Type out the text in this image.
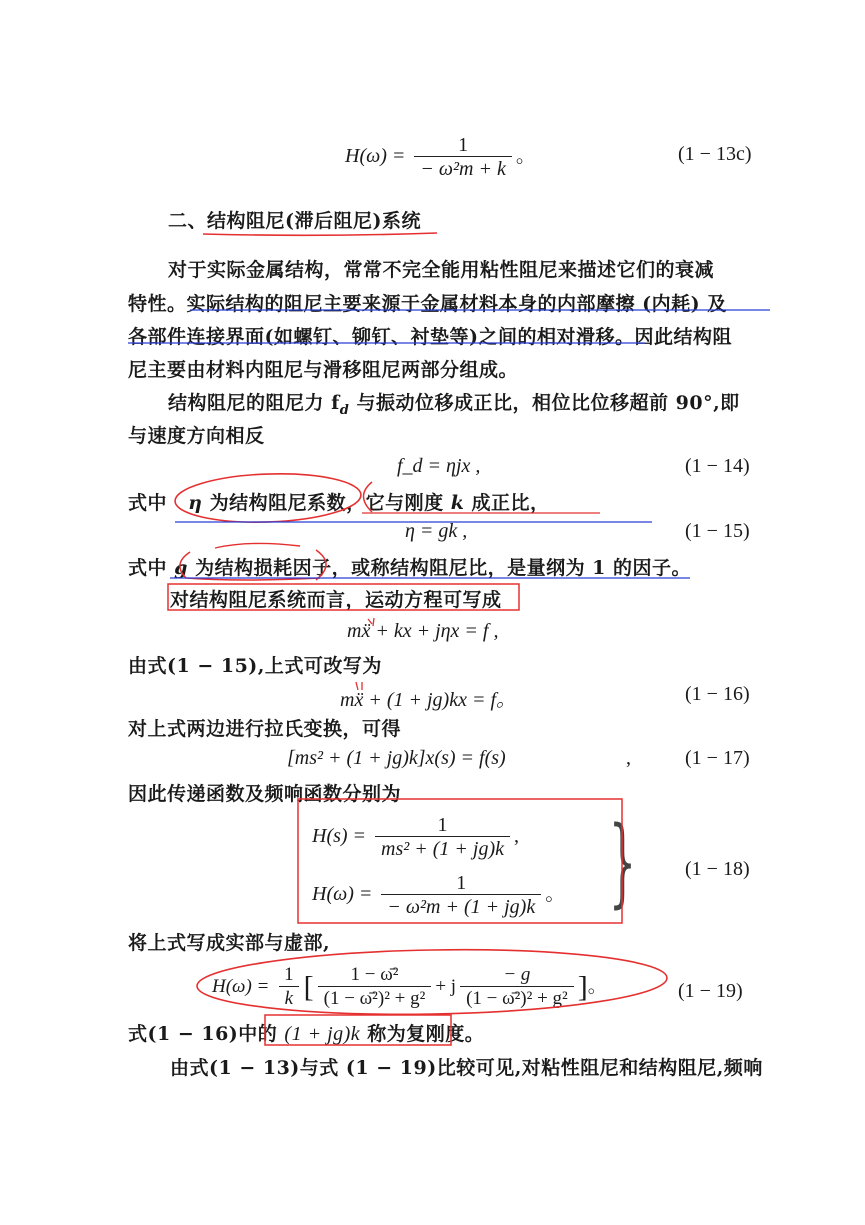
$H(\omega) = \frac{1}{\text{− ω²m + k}}$ 。	(1 − 13c)
二、结构阻尼(滞后阻尼)系统
对于实际金属结构，常常不完全能用粘性阻尼来描述它们的衰减
特性。实际结构的阻尼主要来源于金属材料本身的内部摩擦 (内耗) 及
各部件连接界面(如螺钉、铆钉、衬垫等)之间的相对滑移。因此结构阻
尼主要由材料内阻尼与滑移阻尼两部分组成。
结构阻尼的阻尼力 $f_d$ 与振动位移成正比，相位比位移超前 90°,即
与速度方向相反
f_d = ηjx ,	(1 − 14)
式中 η 为结构阻尼系数，它与刚度 k 成正比，
η = gk ,	(1 − 15)
式中 g 为结构损耗因子，或称结构阻尼比，是量纲为 1 的因子。
对结构阻尼系统而言，运动方程可写成
mẍ + kx + jηx = f ,
由式(1 − 15),上式可改写为
mẍ + (1 + jg)kx = f。	(1 − 16)
对上式两边进行拉氏变换，可得
[ms² + (1 + jg)k]x(s) = f(s)	,	(1 − 17)
因此传递函数及频响函数分别为
$H(s) = \frac{1}{\text{ms² + (1 + jg)k}}$ ,
$H(\omega) = \frac{1}{\text{− ω²m + (1 + jg)k}}$ 。 } (1 − 18)
将上式写成实部与虚部,
$H(\omega) = \frac{1}{k}$ [ $\frac{\text{1 − ω̄²}}{\text{(1 − ω̄²)² + g²}} + j \frac{- g}{\text{(1 − ω̄²)² + g²}}$ ]。	(1 − 19)
式(1 − 16)中的 (1 + jg)k 称为复刚度。
由式(1 − 13)与式 (1 − 19)比较可见,对粘性阻尼和结构阻尼,频响
